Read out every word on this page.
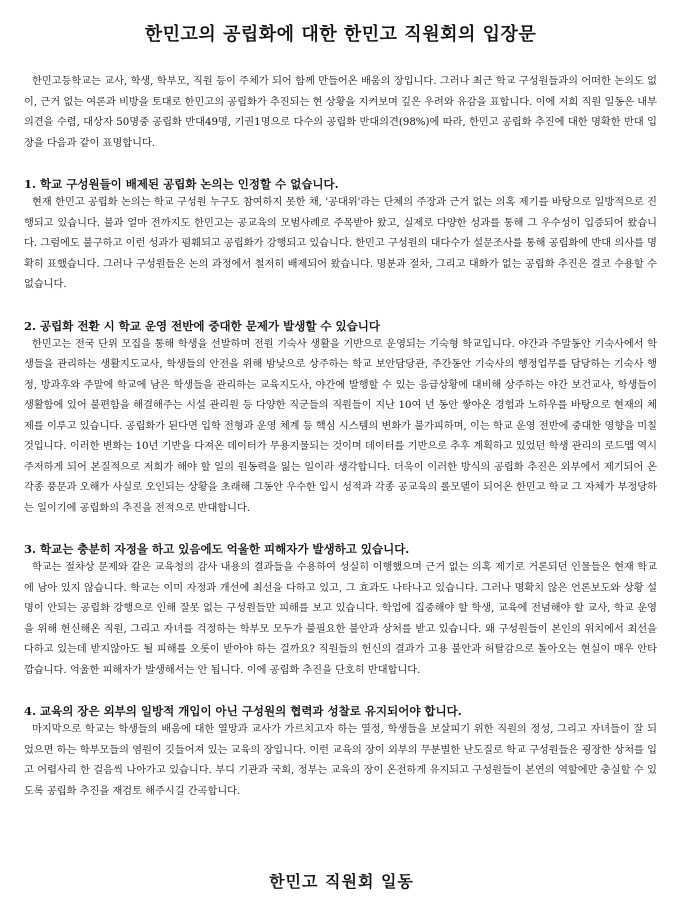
한민고의 공립화에 대한 한민고 직원회의 입장문

한민고등학교는 교사, 학생, 학부모, 직원 등이 주체가 되어 함께 만들어온 배움의 장입니다. 그러나 최근 학교 구성원들과의 어떠한 논의도 없이, 근거 없는 여론과 비방을 토대로 한민고의 공립화가 추진되는 현 상황을 지켜보며 깊은 우려와 유감을 표합니다. 이에 저희 직원 일동은 내부 의견을 수렴, 대상자 50명중 공립화 반대49명, 기권1명으로 다수의 공립화 반대의견(98%)에 따라, 한민고 공립화 추진에 대한 명확한 반대 입장을 다음과 같이 표명합니다.

1. 학교 구성원들이 배제된 공립화 논의는 인정할 수 없습니다.

현재 한민고 공립화 논의는 학교 구성원 누구도 참여하지 못한 채, '공대위'라는 단체의 주장과 근거 없는 의혹 제기를 바탕으로 일방적으로 진행되고 있습니다. 불과 얼마 전까지도 한민고는 공교육의 모범사례로 주목받아 왔고, 실제로 다양한 성과를 통해 그 우수성이 입증되어 왔습니다. 그럼에도 불구하고 이런 성과가 폄훼되고 공립화가 강행되고 있습니다. 한민고 구성원의 대다수가 설문조사를 통해 공립화에 반대 의사를 명확히 표했습니다. 그러나 구성원들은 논의 과정에서 철저히 배제되어 왔습니다. 명분과 절차, 그리고 대화가 없는 공립화 추진은 결코 수용할 수 없습니다.

2. 공립화 전환 시 학교 운영 전반에 중대한 문제가 발생할 수 있습니다

한민고는 전국 단위 모집을 통해 학생을 선발하며 전원 기숙사 생활을 기반으로 운영되는 기숙형 학교입니다. 야간과 주말동안 기숙사에서 학생들을 관리하는 생활지도교사, 학생들의 안전을 위해 밤낮으로 상주하는 학교 보안담당관, 주간동안 기숙사의 행정업무를 담당하는 기숙사 행정, 방과후와 주말에 학교에 남은 학생들을 관리하는 교육지도사, 야간에 발행할 수 있는 응급상황에 대비해 상주하는 야간 보건교사, 학생들이 생활함에 있어 불편함을 해결해주는 시설 관리원 등 다양한 직군들의 직원들이 지난 10여 년 동안 쌓아온 경험과 노하우를 바탕으로 현재의 체제를 이루고 있습니다. 공립화가 된다면 입학 전형과 운영 체계 등 핵심 시스템의 변화가 불가피하며, 이는 학교 운영 전반에 중대한 영향을 미칠 것입니다. 이러한 변화는 10년 기반을 다져온 데이터가 무용지물되는 것이며 데이터를 기반으로 추후 계획하고 있었던 학생 관리의 로드맵 역시 주저하게 되어 본질적으로 저희가 해야 할 일의 원동력을 잃는 일이라 생각합니다. 더욱이 이러한 방식의 공립화 추진은 외부에서 제기되어 온 각종 풍문과 오해가 사실로 오인되는 상황을 초래해 그동안 우수한 입시 성적과 각종 공교육의 롤모델이 되어온 한민고 학교 그 자체가 부정당하는 일이기에 공립화의 추진을 전적으로 반대합니다.

3. 학교는 충분히 자정을 하고 있음에도 억울한 피해자가 발생하고 있습니다.

학교는 절차상 문제와 같은 교육청의 감사 내용의 결과들을 수용하여 성실히 이행했으며 근거 없는 의혹 제기로 거론되던 인물들은 현재 학교에 남아 있지 않습니다. 학교는 이미 자정과 개선에 최선을 다하고 있고, 그 효과도 나타나고 있습니다. 그러나 명확치 않은 언론보도와 상황 설명이 안되는 공립화 강행으로 인해 잘못 없는 구성원들만 피해를 보고 있습니다. 학업에 집중해야 할 학생, 교육에 전념해야 할 교사, 학교 운영을 위해 헌신해온 직원, 그리고 자녀를 걱정하는 학부모 모두가 불필요한 불안과 상처를 받고 있습니다. 왜 구성원들이 본인의 위치에서 최선을 다하고 있는데 받지않아도 될 피해를 오롯이 받아야 하는 걸까요? 직원들의 헌신의 결과가 고용 불안과 허탈감으로 돌아오는 현실이 매우 안타깝습니다. 억울한 피해자가 발생해서는 안 됩니다. 이에 공립화 추진을 단호히 반대합니다.

4. 교육의 장은 외부의 일방적 개입이 아닌 구성원의 협력과 성찰로 유지되어야 합니다.

마지막으로 학교는 학생들의 배움에 대한 열망과 교사가 가르치고자 하는 열정, 학생들을 보살피기 위한 직원의 정성, 그리고 자녀들이 잘 되었으면 하는 학부모들의 염원이 깃들어져 있는 교육의 장입니다. 이런 교육의 장이 외부의 무분별한 난도질로 학교 구성원들은 굉장한 상처를 입고 어렵사리 한 걸음씩 나아가고 있습니다. 부디 기관과 국회, 정부는 교육의 장이 온전하게 유지되고 구성원들이 본연의 역할에만 충실할 수 있도록 공립화 추진을 재검토 해주시길 간곡합니다.

한민고 직원회 일동
